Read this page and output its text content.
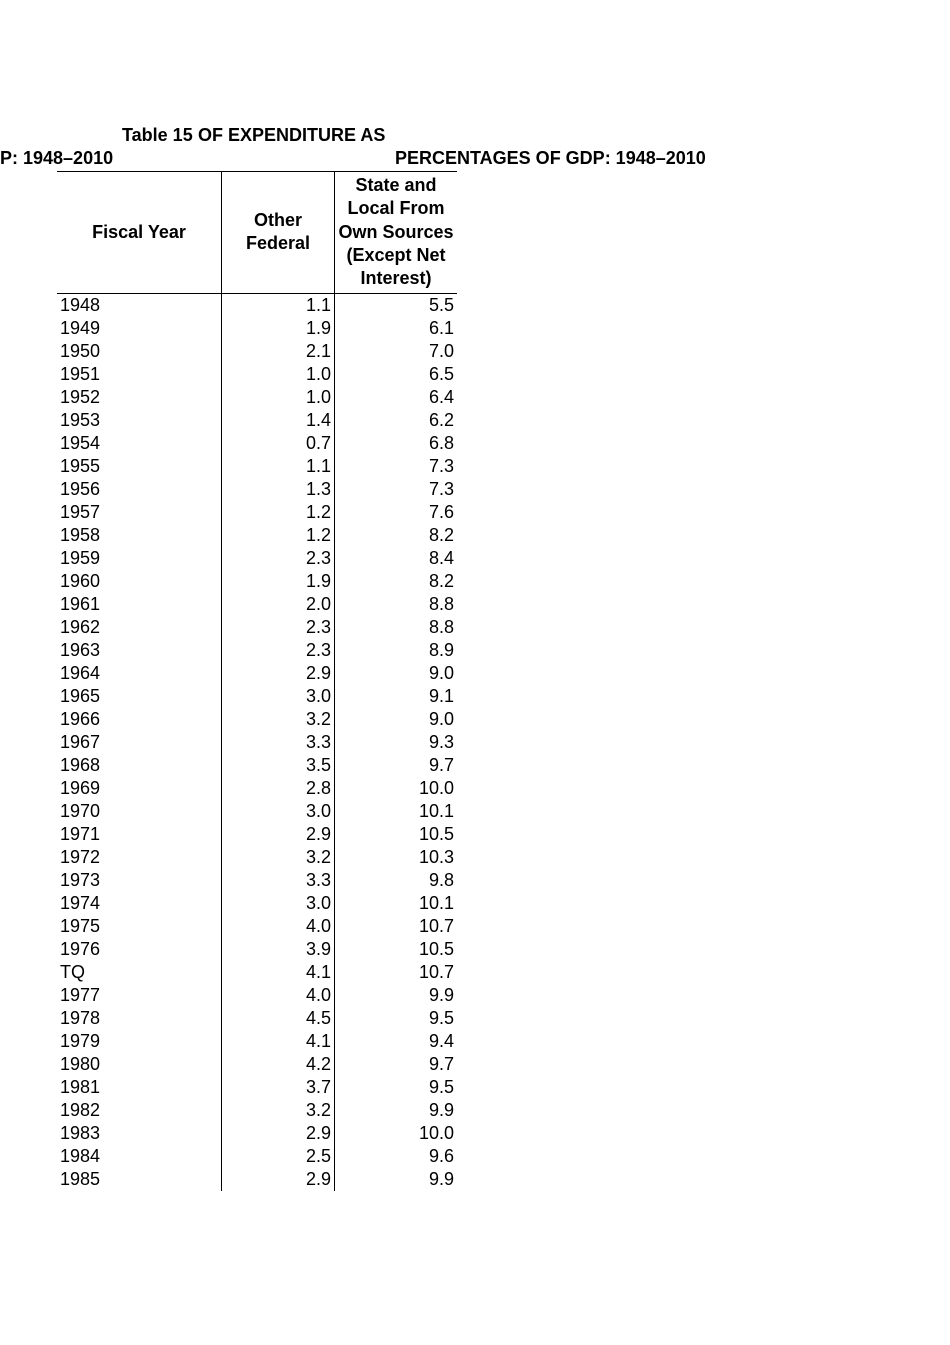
Table 15 OF EXPENDITURE AS
P: 1948–2010	PERCENTAGES OF GDP: 1948–2010
Fiscal Year	Other Federal	State and Local From Own Sources (Except Net Interest)
1948	1.1	5.5
1949	1.9	6.1
1950	2.1	7.0
1951	1.0	6.5
1952	1.0	6.4
1953	1.4	6.2
1954	0.7	6.8
1955	1.1	7.3
1956	1.3	7.3
1957	1.2	7.6
1958	1.2	8.2
1959	2.3	8.4
1960	1.9	8.2
1961	2.0	8.8
1962	2.3	8.8
1963	2.3	8.9
1964	2.9	9.0
1965	3.0	9.1
1966	3.2	9.0
1967	3.3	9.3
1968	3.5	9.7
1969	2.8	10.0
1970	3.0	10.1
1971	2.9	10.5
1972	3.2	10.3
1973	3.3	9.8
1974	3.0	10.1
1975	4.0	10.7
1976	3.9	10.5
TQ	4.1	10.7
1977	4.0	9.9
1978	4.5	9.5
1979	4.1	9.4
1980	4.2	9.7
1981	3.7	9.5
1982	3.2	9.9
1983	2.9	10.0
1984	2.5	9.6
1985	2.9	9.9
